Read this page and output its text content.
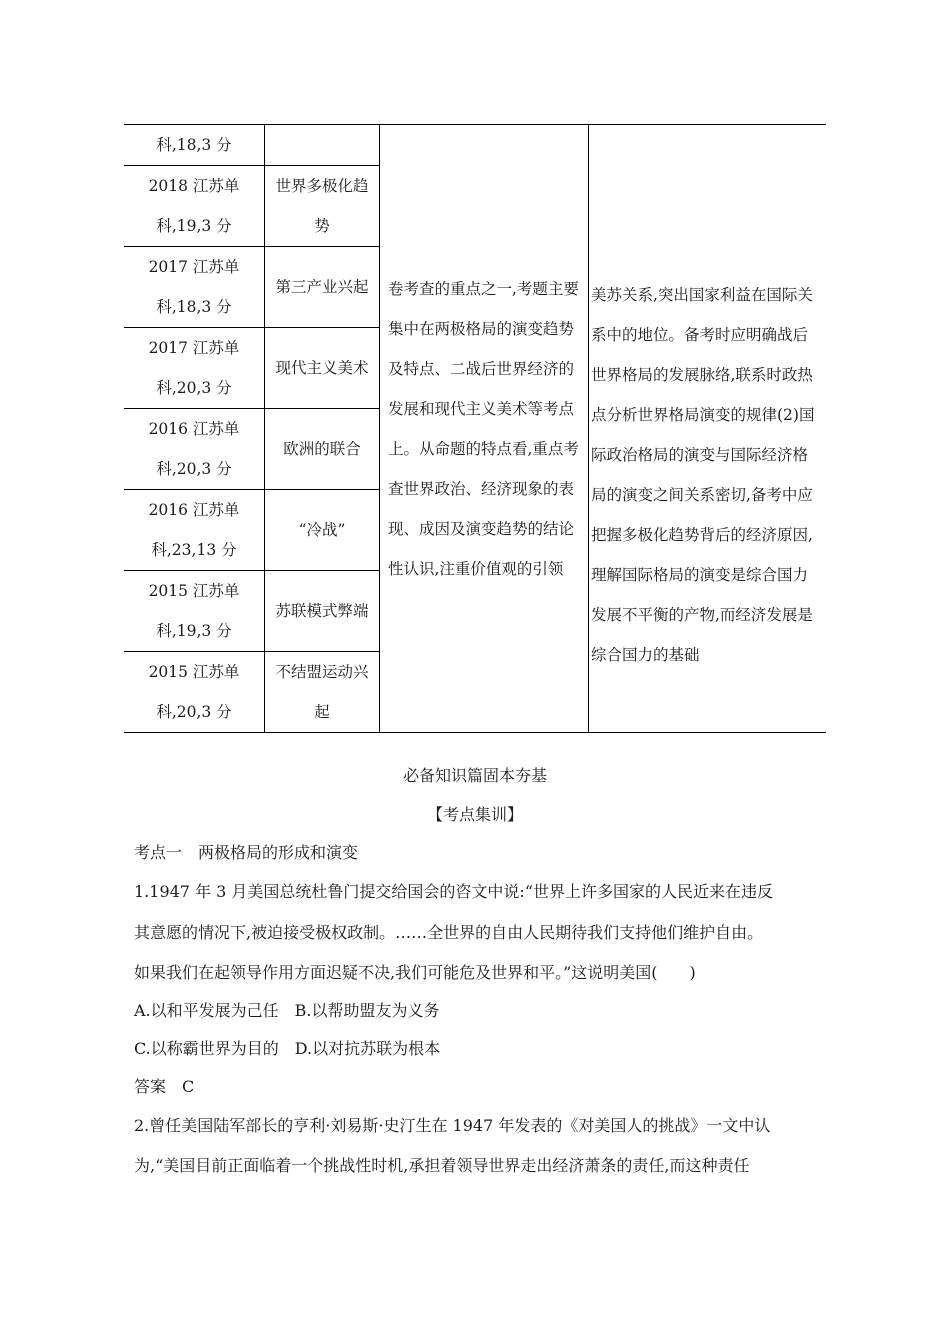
科,18,3 分		卷考查的重点之一,考题主要集中在两极格局的演变趋势及特点、二战后世界经济的发展和现代主义美术等考点上。从命题的特点看,重点考查世界政治、经济现象的表现、成因及演变趋势的结论性认识,注重价值观的引领	美苏关系,突出国家利益在国际关系中的地位。备考时应明确战后世界格局的发展脉络,联系时政热点分析世界格局演变的规律(2)国际政治格局的演变与国际经济格局的演变之间关系密切,备考中应把握多极化趋势背后的经济原因,理解国际格局的演变是综合国力发展不平衡的产物,而经济发展是综合国力的基础

2018 江苏单
科,19,3 分	世界多极化趋势		

2017 江苏单
科,18,3 分	第三产业兴起		

2017 江苏单
科,20,3 分	现代主义美术		

2016 江苏单
科,20,3 分	欧洲的联合		

2016 江苏单
科,23,13 分	“冷战”		

2015 江苏单
科,19,3 分	苏联模式弊端		

2015 江苏单
科,20,3 分	不结盟运动兴起		
必备知识篇固本夯基
【考点集训】
考点一　两极格局的形成和演变
1.1947 年 3 月美国总统杜鲁门提交给国会的咨文中说:“世界上许多国家的人民近来在违反
其意愿的情况下,被迫接受极权政制。……全世界的自由人民期待我们支持他们维护自由。
如果我们在起领导作用方面迟疑不决,我们可能危及世界和平。”这说明美国(　　)
A.以和平发展为己任　B.以帮助盟友为义务
C.以称霸世界为目的　D.以对抗苏联为根本
答案　C
2.曾任美国陆军部长的亨利·刘易斯·史汀生在 1947 年发表的《对美国人的挑战》一文中认
为,“美国目前正面临着一个挑战性时机,承担着领导世界走出经济萧条的责任,而这种责任
